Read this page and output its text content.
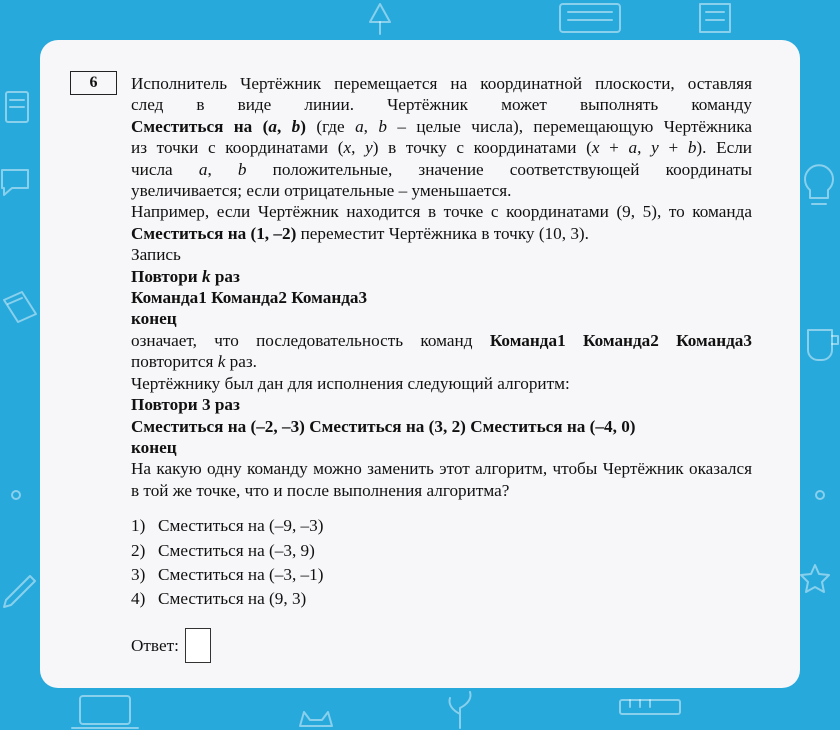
6	Исполнитель Чертёжник перемещается на координатной плоскости, оставляя

след в виде линии. Чертёжник может выполнять команду

Сместиться на (a, b) (где a, b – целые числа), перемещающую Чертёжника

из точки с координатами (x, y) в точку с координатами (x + a, y + b). Если

числа a, b положительные, значение соответствующей координаты

увеличивается; если отрицательные – уменьшается.

Например, если Чертёжник находится в точке с координатами (9, 5), то команда Сместиться на (1, –2) переместит Чертёжника в точку (10, 3).

Запись

Повтори k раз

Команда1 Команда2 Команда3

конец

означает, что последовательность команд Команда1 Команда2 Команда3 повторится k раз.

Чертёжнику был дан для исполнения следующий алгоритм:

Повтори 3 раз

Сместиться на (–2, –3) Сместиться на (3, 2) Сместиться на (–4, 0)

конец

На какую одну команду можно заменить этот алгоритм, чтобы Чертёжник оказался в той же точке, что и после выполнения алгоритма?

1) Сместиться на (–9, –3)
2) Сместиться на (–3, 9)
3) Сместиться на (–3, –1)
4) Сместиться на (9, 3)
Ответ:
